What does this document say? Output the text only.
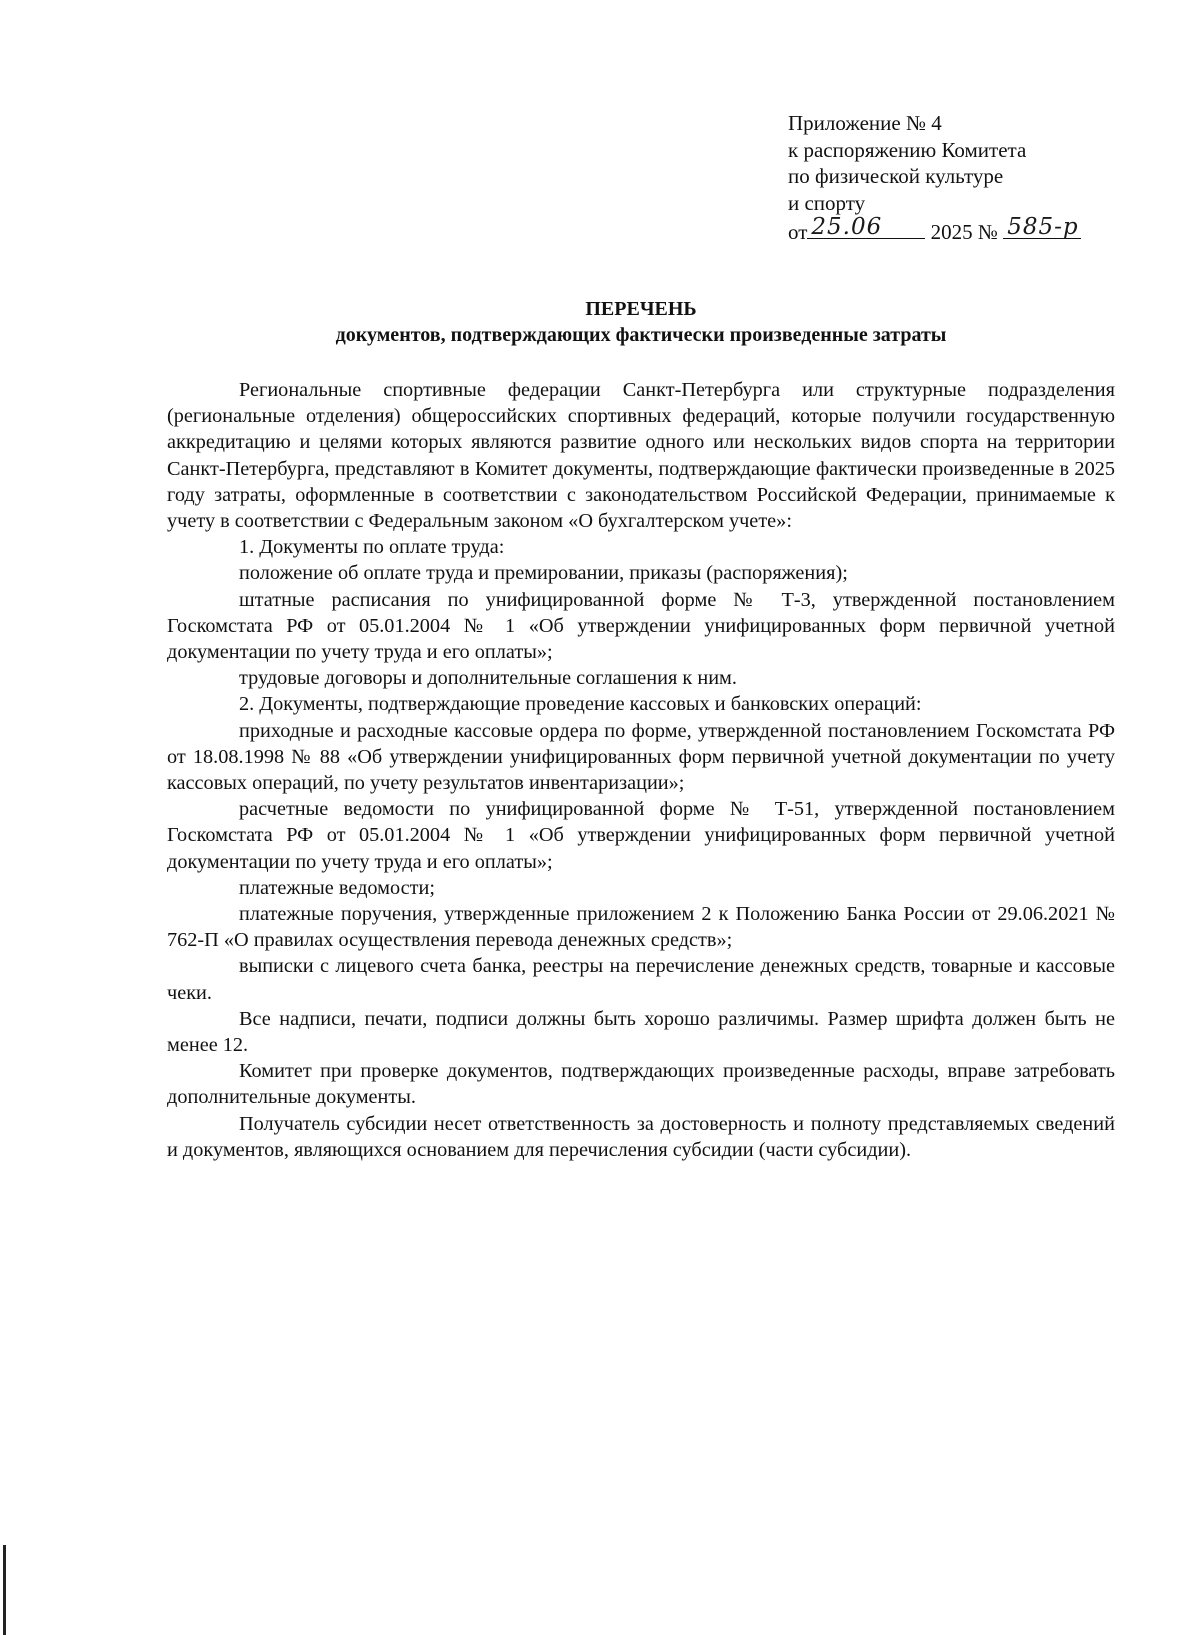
Приложение № 4
к распоряжению Комитета
по физической культуре
и спорту
от 25.06 2025 № 585-р
ПЕРЕЧЕНЬ
документов, подтверждающих фактически произведенные затраты

Региональные спортивные федерации Санкт-Петербурга или структурные подразделения (региональные отделения) общероссийских спортивных федераций, которые получили государственную аккредитацию и целями которых являются развитие одного или нескольких видов спорта на территории Санкт-Петербурга, представляют в Комитет документы, подтверждающие фактически произведенные в 2025 году затраты, оформленные в соответствии с законодательством Российской Федерации, принимаемые к учету в соответствии с Федеральным законом «О бухгалтерском учете»:

1. Документы по оплате труда:

положение об оплате труда и премировании, приказы (распоряжения);

штатные расписания по унифицированной форме № Т-3, утвержденной постановлением Госкомстата РФ от 05.01.2004 № 1 «Об утверждении унифицированных форм первичной учетной документации по учету труда и его оплаты»;

трудовые договоры и дополнительные соглашения к ним.

2. Документы, подтверждающие проведение кассовых и банковских операций:

приходные и расходные кассовые ордера по форме, утвержденной постановлением Госкомстата РФ от 18.08.1998 № 88 «Об утверждении унифицированных форм первичной учетной документации по учету кассовых операций, по учету результатов инвентаризации»;

расчетные ведомости по унифицированной форме № Т-51, утвержденной постановлением Госкомстата РФ от 05.01.2004 № 1 «Об утверждении унифицированных форм первичной учетной документации по учету труда и его оплаты»;

платежные ведомости;

платежные поручения, утвержденные приложением 2 к Положению Банка России от 29.06.2021 № 762-П «О правилах осуществления перевода денежных средств»;

выписки с лицевого счета банка, реестры на перечисление денежных средств, товарные и кассовые чеки.

Все надписи, печати, подписи должны быть хорошо различимы. Размер шрифта должен быть не менее 12.

Комитет при проверке документов, подтверждающих произведенные расходы, вправе затребовать дополнительные документы.

Получатель субсидии несет ответственность за достоверность и полноту представляемых сведений и документов, являющихся основанием для перечисления субсидии (части субсидии).
